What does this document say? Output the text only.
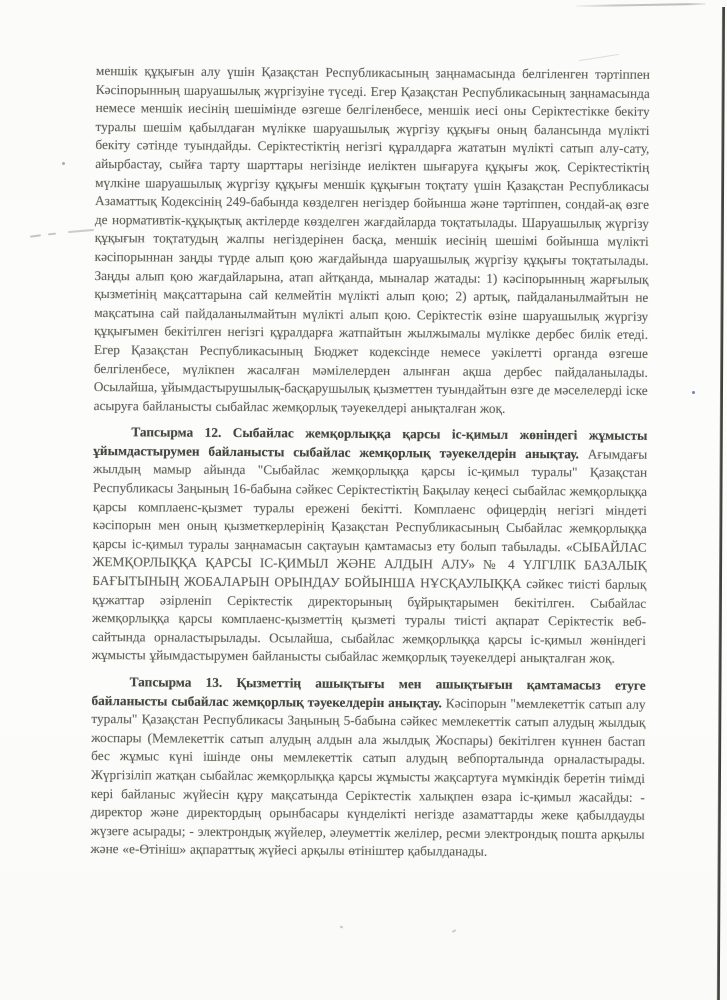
меншік құқығын алу үшін Қазақстан Республикасының заңнамасында белгіленген тәртіппен Кәсіпорынның шаруашылық жүргізуіне түседі. Егер Қазақстан Республикасының заңнамасында немесе меншік иесінің шешімінде өзгеше белгіленбесе, меншік иесі оны Серіктестікке бекіту туралы шешім қабылдаған мүлікке шаруашылық жүргізу құқығы оның балансында мүлікті бекіту сәтінде туындайды. Серіктестіктің негізгі құралдарға жататын мүлікті сатып алу-сату, айырбастау, сыйға тарту шарттары негізінде иеліктен шығаруға құқығы жоқ. Серіктестіктің мүлкіне шаруашылық жүргізу құқығы меншік құқығын тоқтату үшін Қазақстан Республикасы Азаматтық Кодексінің 249-бабында көзделген негіздер бойынша және тәртіппен, сондай-ақ өзге де нормативтік-құқықтық актілерде көзделген жағдайларда тоқтатылады. Шаруашылық жүргізу құқығын тоқтатудың жалпы негіздерінен басқа, меншік иесінің шешімі бойынша мүлікті кәсіпорыннан заңды түрде алып қою жағдайында шаруашылық жүргізу құқығы тоқтатылады. Заңды алып қою жағдайларына, атап айтқанда, мыналар жатады: 1) кәсіпорынның жарғылық қызметінің мақсаттарына сай келмейтін мүлікті алып қою; 2) артық, пайдаланылмайтын не мақсатына сай пайдаланылмайтын мүлікті алып қою. Серіктестік өзіне шаруашылық жүргізу құқығымен бекітілген негізгі құралдарға жатпайтын жылжымалы мүлікке дербес билік етеді. Егер Қазақстан Республикасының Бюджет кодексінде немесе уәкілетті органда өзгеше белгіленбесе, мүлікпен жасалған мәмілелерден алынған ақша дербес пайдаланылады. Осылайша, ұйымдастырушылық-басқарушылық қызметтен туындайтын өзге де мәселелерді іске асыруға байланысты сыбайлас жемқорлық тәуекелдері анықталған жоқ.

Тапсырма 12. Сыбайлас жемқорлыққа қарсы іс-қимыл жөніндегі жұмысты ұйымдастырумен байланысты сыбайлас жемқорлық тәуекелдерін анықтау. Ағымдағы жылдың мамыр айында "Сыбайлас жемқорлыққа қарсы іс-қимыл туралы" Қазақстан Республикасы Заңының 16-бабына сәйкес Серіктестіктің Бақылау кеңесі сыбайлас жемқорлыққа қарсы комплаенс-қызмет туралы ережені бекітті. Комплаенс офицердің негізгі міндеті кәсіпорын мен оның қызметкерлерінің Қазақстан Республикасының Сыбайлас жемқорлыққа қарсы іс-қимыл туралы заңнамасын сақтауын қамтамасыз ету болып табылады. «СЫБАЙЛАС ЖЕМҚОРЛЫҚҚА ҚАРСЫ ІС-ҚИМЫЛ ЖӘНЕ АЛДЫН АЛУ» № 4 ҮЛГІЛІК БАЗАЛЫҚ БАҒЫТЫНЫҢ ЖОБАЛАРЫН ОРЫНДАУ БОЙЫНША НҰСҚАУЛЫҚҚА сәйкес тиісті барлық құжаттар әзірленіп Серіктестік директорының бұйрықтарымен бекітілген. Сыбайлас жемқорлыққа қарсы комплаенс-қызметтің қызметі туралы тиісті ақпарат Серіктестік веб-сайтында орналастырылады. Осылайша, сыбайлас жемқорлыққа қарсы іс-қимыл жөніндегі жұмысты ұйымдастырумен байланысты сыбайлас жемқорлық тәуекелдері анықталған жоқ.

Тапсырма 13. Қызметтің ашықтығы мен ашықтығын қамтамасыз етуге байланысты сыбайлас жемқорлық тәуекелдерін анықтау. Кәсіпорын "мемлекеттік сатып алу туралы" Қазақстан Республикасы Заңының 5-бабына сәйкес мемлекеттік сатып алудың жылдық жоспары (Мемлекеттік сатып алудың алдын ала жылдық Жоспары) бекітілген күннен бастап бес жұмыс күні ішінде оны мемлекеттік сатып алудың вебпорталында орналастырады. Жүргізіліп жатқан сыбайлас жемқорлыққа қарсы жұмысты жақсартуға мүмкіндік беретін тиімді кері байланыс жүйесін құру мақсатында Серіктестік халықпен өзара іс-қимыл жасайды: - директор және директордың орынбасары күнделікті негізде азаматтарды жеке қабылдауды жүзеге асырады; - электрондық жүйелер, әлеуметтік желілер, ресми электрондық пошта арқылы және «е-Өтініш» ақпараттық жүйесі арқылы өтініштер қабылданады.
